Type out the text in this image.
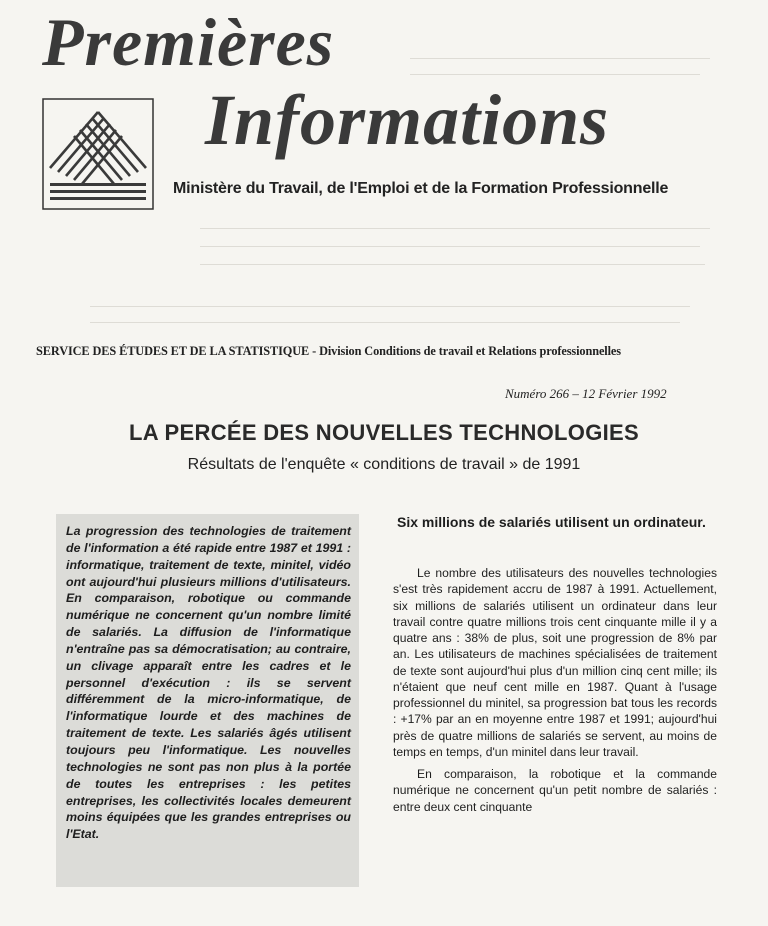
Premières
Informations
Ministère du Travail, de l'Emploi et de la Formation Professionnelle
SERVICE DES ÉTUDES ET DE LA STATISTIQUE - Division Conditions de travail et Relations professionnelles
Numéro 266 – 12 Février 1992
LA PERCÉE DES NOUVELLES TECHNOLOGIES
Résultats de l'enquête « conditions de travail » de 1991

La progression des technologies de traitement de l'information a été rapide entre 1987 et 1991 : informatique, traitement de texte, minitel, vidéo ont aujourd'hui plusieurs millions d'utilisateurs. En comparaison, robotique ou commande numérique ne concernent qu'un nombre limité de salariés. La diffusion de l'informatique n'entraîne pas sa démocratisation; au contraire, un clivage apparaît entre les cadres et le personnel d'exécution : ils se servent différemment de la micro-informatique, de l'informatique lourde et des machines de traitement de texte. Les salariés âgés utilisent toujours peu l'informatique. Les nouvelles technologies ne sont pas non plus à la portée de toutes les entreprises : les petites entreprises, les collectivités locales demeurent moins équipées que les grandes entreprises ou l'Etat.

Six millions de salariés utilisent un ordinateur.

Le nombre des utilisateurs des nouvelles technologies s'est très rapidement accru de 1987 à 1991. Actuellement, six millions de salariés utilisent un ordinateur dans leur travail contre quatre millions trois cent cinquante mille il y a quatre ans : 38% de plus, soit une progression de 8% par an. Les utilisateurs de machines spécialisées de traitement de texte sont aujourd'hui plus d'un million cinq cent mille; ils n'étaient que neuf cent mille en 1987. Quant à l'usage professionnel du minitel, sa progression bat tous les records : +17% par an en moyenne entre 1987 et 1991; aujourd'hui près de quatre millions de salariés se servent, au moins de temps en temps, d'un minitel dans leur travail.

En comparaison, la robotique et la commande numérique ne concernent qu'un petit nombre de salariés : entre deux cent cinquante
